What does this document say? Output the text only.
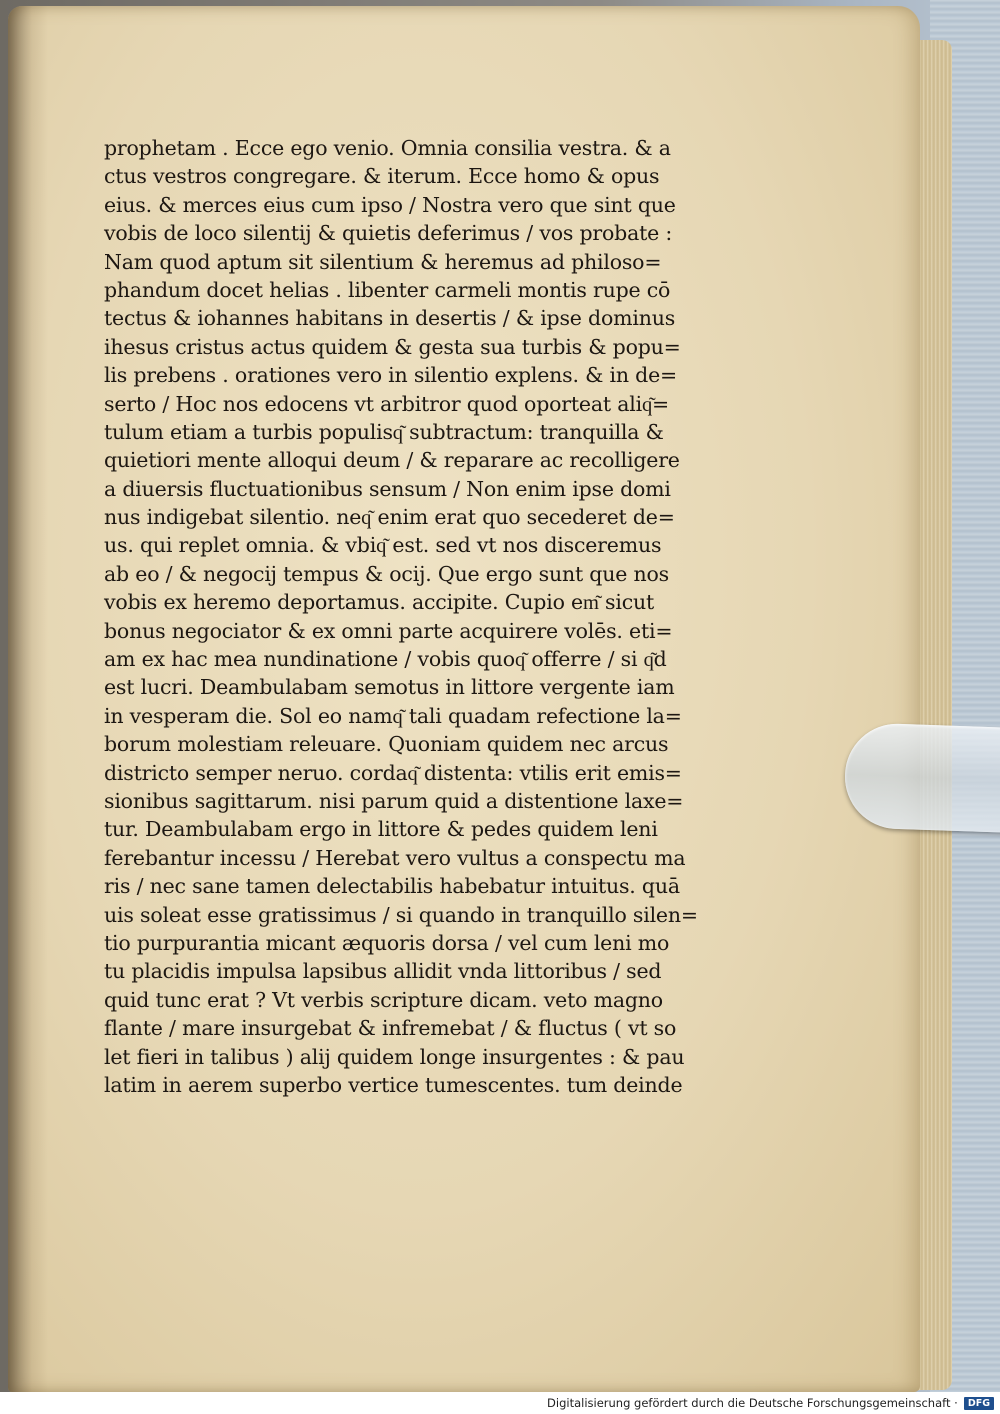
prophetam . Ecce ego venio. Omnia consilia vestra. & a
ctus vestros congregare. & iterum. Ecce homo & opus
eius. & merces eius cum ipso / Nostra vero que sint que
vobis de loco silentij & quietis deferimus / vos probate :
Nam quod aptum sit silentium & heremus ad philoso=
phandum docet helias . libenter carmeli montis rupe cō
tectus & iohannes habitans in desertis / & ipse dominus
ihesus cristus actus quidem & gesta sua turbis & popu=
lis prebens . orationes vero in silentio explens. & in de=
serto / Hoc nos edocens vt arbitror quod oporteat aliq͂=
tulum etiam a turbis populisq͂ subtractum: tranquilla &
quietiori mente alloqui deum / & reparare ac recolligere
a diuersis fluctuationibus sensum / Non enim ipse domi
nus indigebat silentio. neq͂ enim erat quo secederet de=
us. qui replet omnia. & vbiq͂ est. sed vt nos disceremus
ab eo / & negocij tempus & ocij. Que ergo sunt que nos
vobis ex heremo deportamus. accipite. Cupio em͂ sicut
bonus negociator & ex omni parte acquirere volēs. eti=
am ex hac mea nundinatione / vobis quoq͂ offerre / si q͂d
est lucri. Deambulabam semotus in littore vergente iam
in vesperam die. Sol eo namq͂ tali quadam refectione la=
borum molestiam releuare. Quoniam quidem nec arcus
districto semper neruo. cordaq͂ distenta: vtilis erit emis=
sionibus sagittarum. nisi parum quid a distentione laxe=
tur. Deambulabam ergo in littore & pedes quidem leni
ferebantur incessu / Herebat vero vultus a conspectu ma
ris / nec sane tamen delectabilis habebatur intuitus. quā
uis soleat esse gratissimus / si quando in tranquillo silen=
tio purpurantia micant æquoris dorsa / vel cum leni mo
tu placidis impulsa lapsibus allidit vnda littoribus / sed
quid tunc erat ? Vt verbis scripture dicam. veto magno
flante / mare insurgebat & infremebat / & fluctus ( vt so
let fieri in talibus ) alij quidem longe insurgentes : & pau
latim in aerem superbo vertice tumescentes. tum deinde
Digitalisierung gefördert durch die Deutsche Forschungsgemeinschaft ·	DFG
